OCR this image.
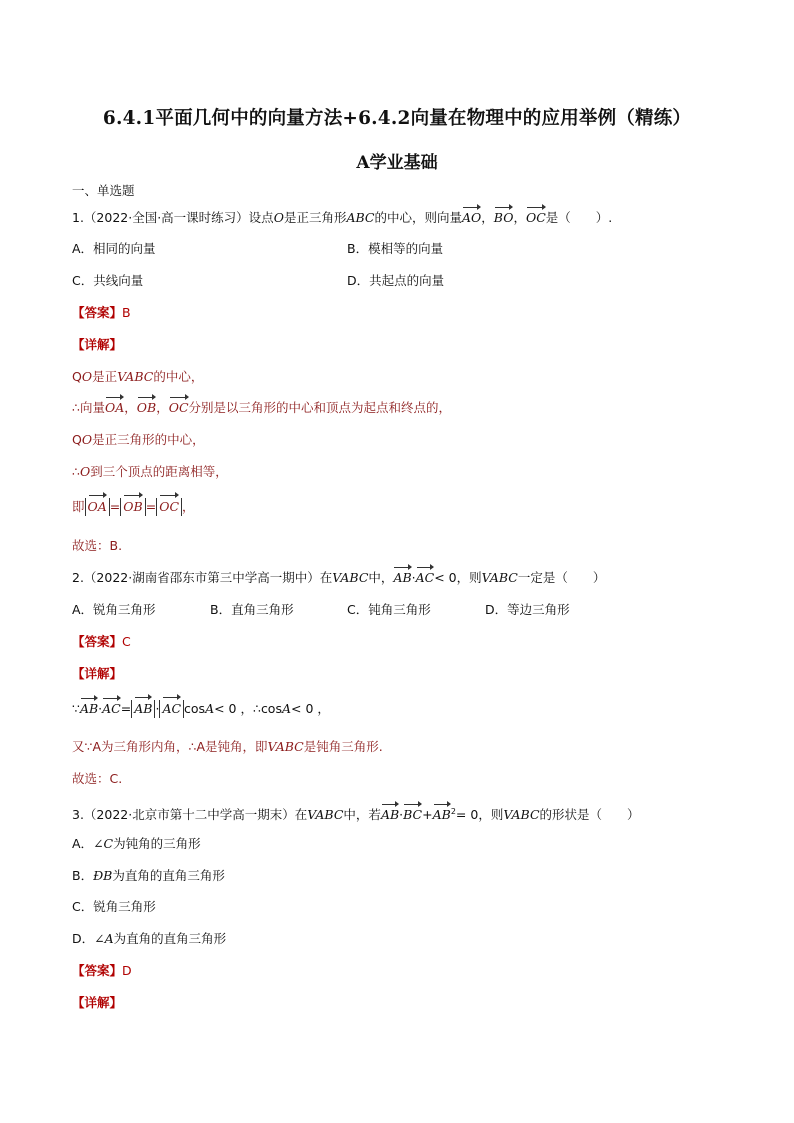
6.4.1平面几何中的向量方法+6.4.2向量在物理中的应用举例（精练）
A学业基础
一、单选题
1.（2022·全国·高一课时练习）设点O是正三角形ABC的中心，则向量AO，BO，OC是（　　）.
A．相同的向量	B．模相等的向量
C．共线向量	D．共起点的向量
【答案】B
【详解】
QO是正VABC的中心，
∴向量OA，OB，OC分别是以三角形的中心和顶点为起点和终点的，
QO是正三角形的中心，
∴O到三个顶点的距离相等，
即 OA = OB = OC ，
故选：B.
2.（2022·湖南省邵东市第三中学高一期中）在VABC中，AB·AC< 0，则VABC一定是（　　）
A．锐角三角形	B．直角三角形	C．钝角三角形	D．等边三角形
【答案】C
【详解】
∵AB·AC= AB · AC cosA< 0 ，∴cosA< 0 ，
又∵A为三角形内角，∴A是钝角，即VABC是钝角三角形.
故选：C.
3.（2022·北京市第十二中学高一期末）在VABC中，若$AB\cdot BC+AB^2= 0$，则VABC的形状是（　　）
A．∠C为钝角的三角形
B．ÐB为直角的直角三角形
C．锐角三角形
D．∠A为直角的直角三角形
【答案】D
【详解】
